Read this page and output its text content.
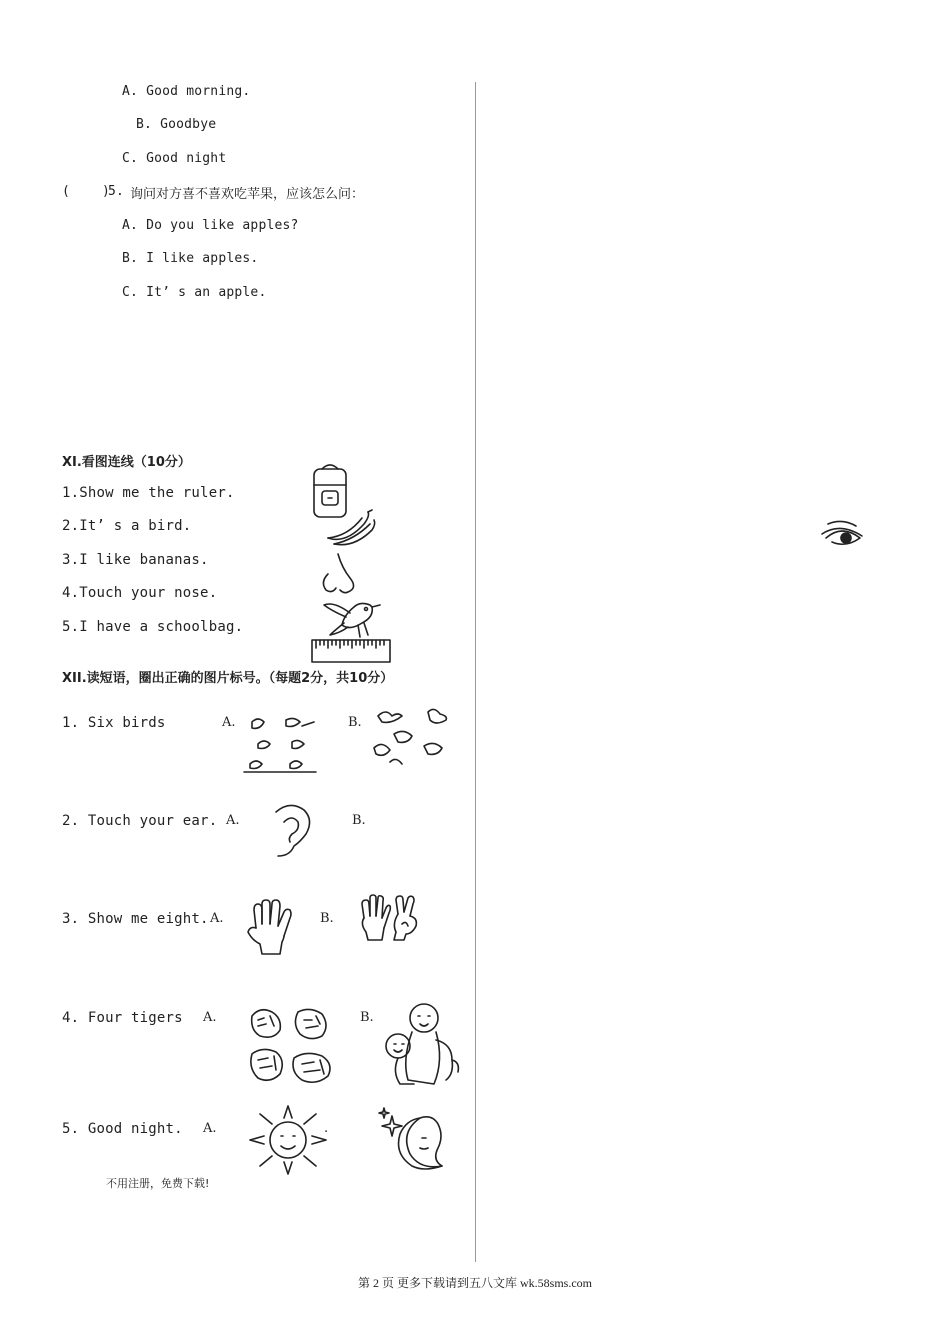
A. Good morning.
B. Goodbye
C. Good night
( )
5. 询问对方喜不喜欢吃苹果，应该怎么问：
A. Do you like apples?
B. I like apples.
C. It’ s an apple.
XI.看图连线（10分）
1.Show me the ruler.
2.It’ s a bird.
3.I like bananas.
4.Touch your nose.
5.I have a schoolbag.
XII.读短语，圈出正确的图片标号。（每题2分，共10分）
1. Six birds	A.	B.
2. Touch your ear. A.	B.
3. Show me eight. A.	B.
4. Four tigers A.	B.
5. Good night. A.	.
不用注册，免费下载!
第 2 页 更多下载请到五八文库 wk.58sms.com
